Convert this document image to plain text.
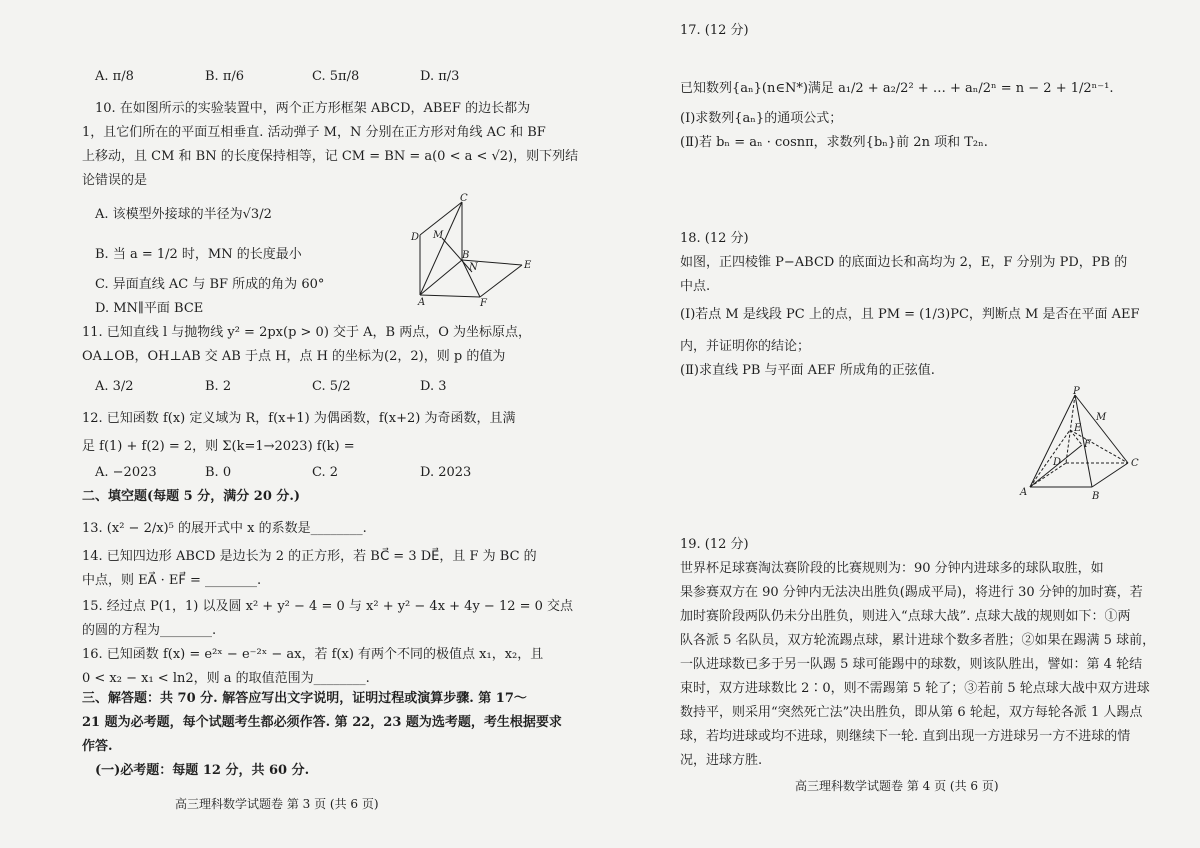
A. π/8	B. π/6	C. 5π/8	D. π/3
10. 在如图所示的实验装置中，两个正方形框架 ABCD，ABEF 的边长都为
1，且它们所在的平面互相垂直. 活动弹子 M，N 分别在正方形对角线 AC 和 BF
上移动，且 CM 和 BN 的长度保持相等，记 CM = BN = a(0 < a < √2)，则下列结
论错误的是
A. 该模型外接球的半径为√3/2
B. 当 a = 1/2 时，MN 的长度最小
C. 异面直线 AC 与 BF 所成的角为 60°
D. MN∥平面 BCE
C
D M
B
N	E
A	F
11. 已知直线 l 与抛物线 y² = 2px(p > 0) 交于 A，B 两点，O 为坐标原点，
OA⊥OB，OH⊥AB 交 AB 于点 H，点 H 的坐标为(2，2)，则 p 的值为
A. 3/2	B. 2	C. 5/2	D. 3
12. 已知函数 f(x) 定义域为 R，f(x+1) 为偶函数，f(x+2) 为奇函数，且满
足 f(1) + f(2) = 2，则 Σ(k=1→2023) f(k) =
A. −2023	B. 0	C. 2	D. 2023
二、填空题(每题 5 分，满分 20 分.)
13. (x² − 2/x)⁵ 的展开式中 x 的系数是________.
14. 已知四边形 ABCD 是边长为 2 的正方形，若 BC⃗ = 3 DE⃗，且 F 为 BC 的
中点，则 EA⃗ · EF⃗ = ________.
15. 经过点 P(1，1) 以及圆 x² + y² − 4 = 0 与 x² + y² − 4x + 4y − 12 = 0 交点
的圆的方程为________.
16. 已知函数 f(x) = e²ˣ − e⁻²ˣ − ax，若 f(x) 有两个不同的极值点 x₁，x₂，且
0 < x₂ − x₁ < ln2，则 a 的取值范围为________.
三、解答题：共 70 分. 解答应写出文字说明，证明过程或演算步骤. 第 17～
21 题为必考题，每个试题考生都必须作答. 第 22，23 题为选考题，考生根据要求
作答.
(一)必考题：每题 12 分，共 60 分.
高三理科数学试题卷 第 3 页 (共 6 页)
17. (12 分)
已知数列{aₙ}(n∈N*)满足 a₁/2 + a₂/2² + … + aₙ/2ⁿ = n − 2 + 1/2ⁿ⁻¹.
(Ⅰ)求数列{aₙ}的通项公式；
(Ⅱ)若 bₙ = aₙ · cosnπ，求数列{bₙ}前 2n 项和 T₂ₙ.
18. (12 分)
如图，正四棱锥 P−ABCD 的底面边长和高均为 2，E，F 分别为 PD，PB 的
中点.
(Ⅰ)若点 M 是线段 PC 上的点，且 PM = (1/3)PC，判断点 M 是否在平面 AEF
内，并证明你的结论；
(Ⅱ)求直线 PB 与平面 AEF 所成角的正弦值.
P
M
E
F
D	C
A	B
19. (12 分)
世界杯足球赛淘汰赛阶段的比赛规则为：90 分钟内进球多的球队取胜，如
果参赛双方在 90 分钟内无法决出胜负(踢成平局)，将进行 30 分钟的加时赛，若
加时赛阶段两队仍未分出胜负，则进入“点球大战”. 点球大战的规则如下：①两
队各派 5 名队员，双方轮流踢点球，累计进球个数多者胜；②如果在踢满 5 球前，
一队进球数已多于另一队踢 5 球可能踢中的球数，则该队胜出，譬如：第 4 轮结
束时，双方进球数比 2∶0，则不需踢第 5 轮了；③若前 5 轮点球大战中双方进球
数持平，则采用“突然死亡法”决出胜负，即从第 6 轮起，双方每轮各派 1 人踢点
球，若均进球或均不进球，则继续下一轮. 直到出现一方进球另一方不进球的情
况，进球方胜.
高三理科数学试题卷 第 4 页 (共 6 页)
